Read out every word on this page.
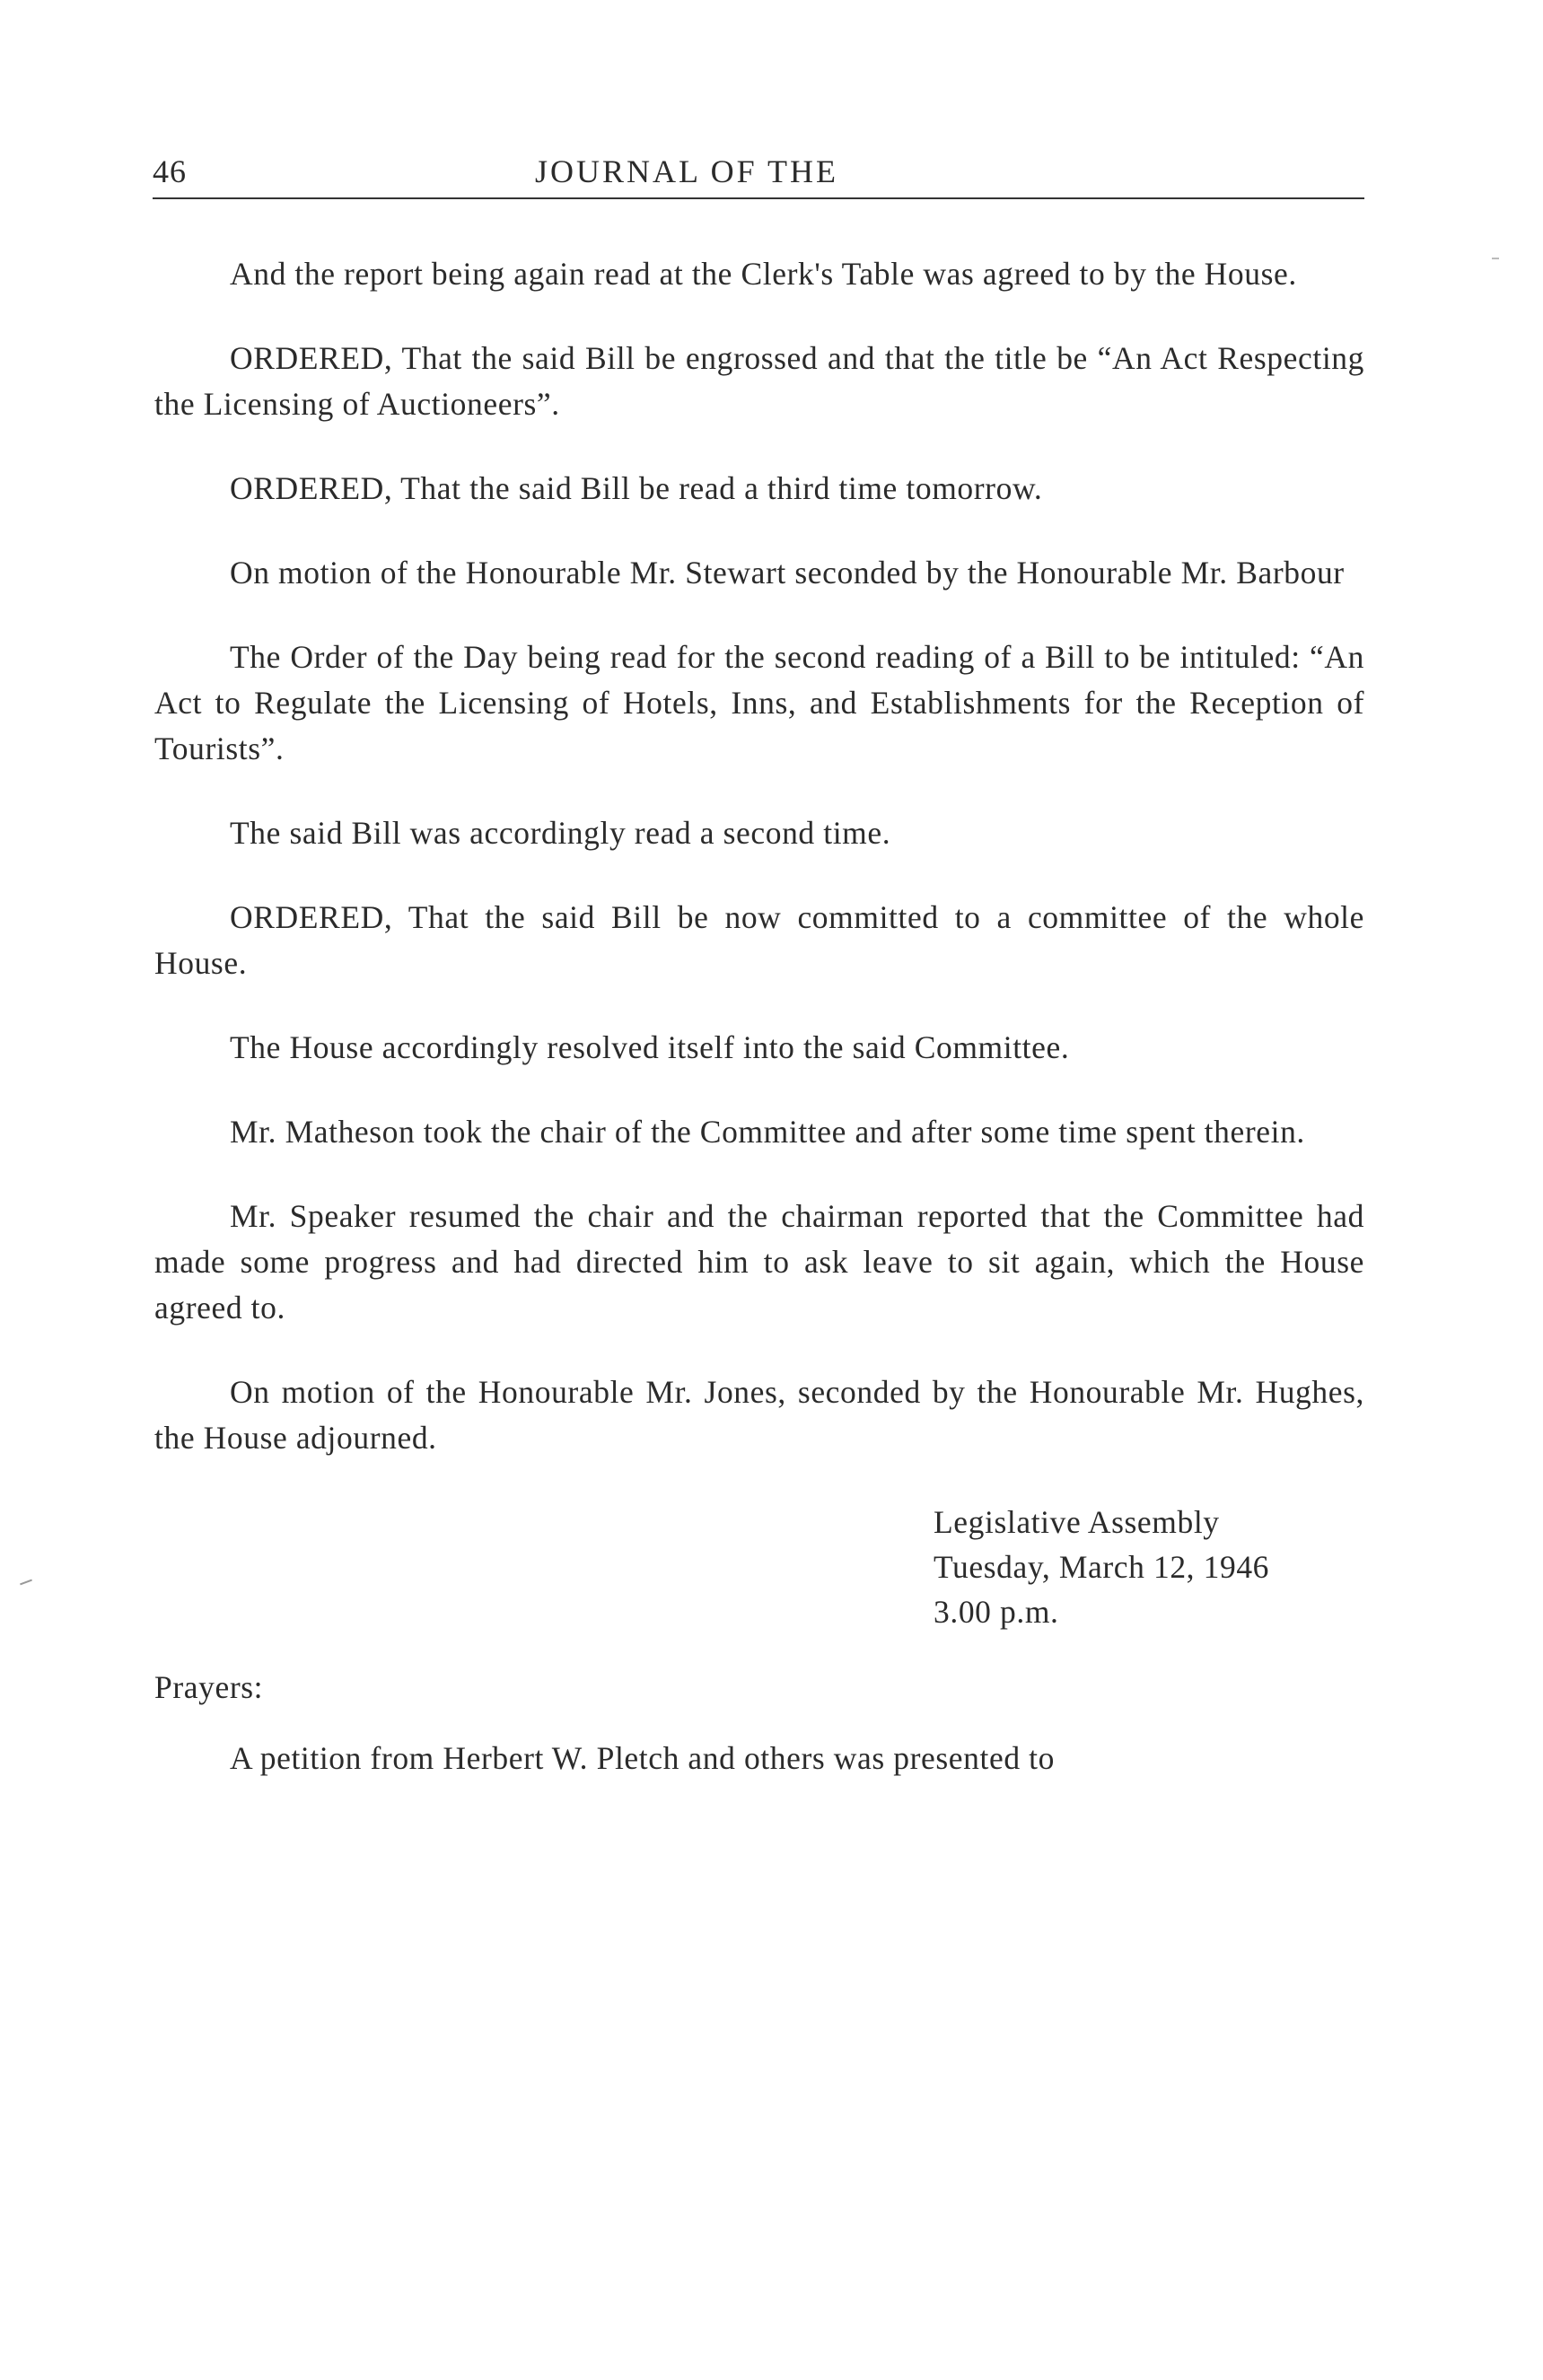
46	JOURNAL OF THE

And the report being again read at the Clerk's Table was agreed to by the House.

ORDERED, That the said Bill be engrossed and that the title be “An Act Respecting the Licensing of Auctioneers”.

ORDERED, That the said Bill be read a third time tomorrow.

On motion of the Honourable Mr. Stewart seconded by the Honourable Mr. Barbour

The Order of the Day being read for the second reading of a Bill to be intituled: “An Act to Regulate the Licensing of Hotels, Inns, and Establishments for the Reception of Tourists”.

The said Bill was accordingly read a second time.

ORDERED, That the said Bill be now committed to a committee of the whole House.

The House accordingly resolved itself into the said Committee.

Mr. Matheson took the chair of the Committee and after some time spent therein.

Mr. Speaker resumed the chair and the chairman reported that the Committee had made some progress and had directed him to ask leave to sit again, which the House agreed to.

On motion of the Honourable Mr. Jones, seconded by the Honourable Mr. Hughes, the House adjourned.

Legislative Assembly
Tuesday, March 12, 1946
3.00 p.m.

Prayers:

A petition from Herbert W. Pletch and others was presented to
